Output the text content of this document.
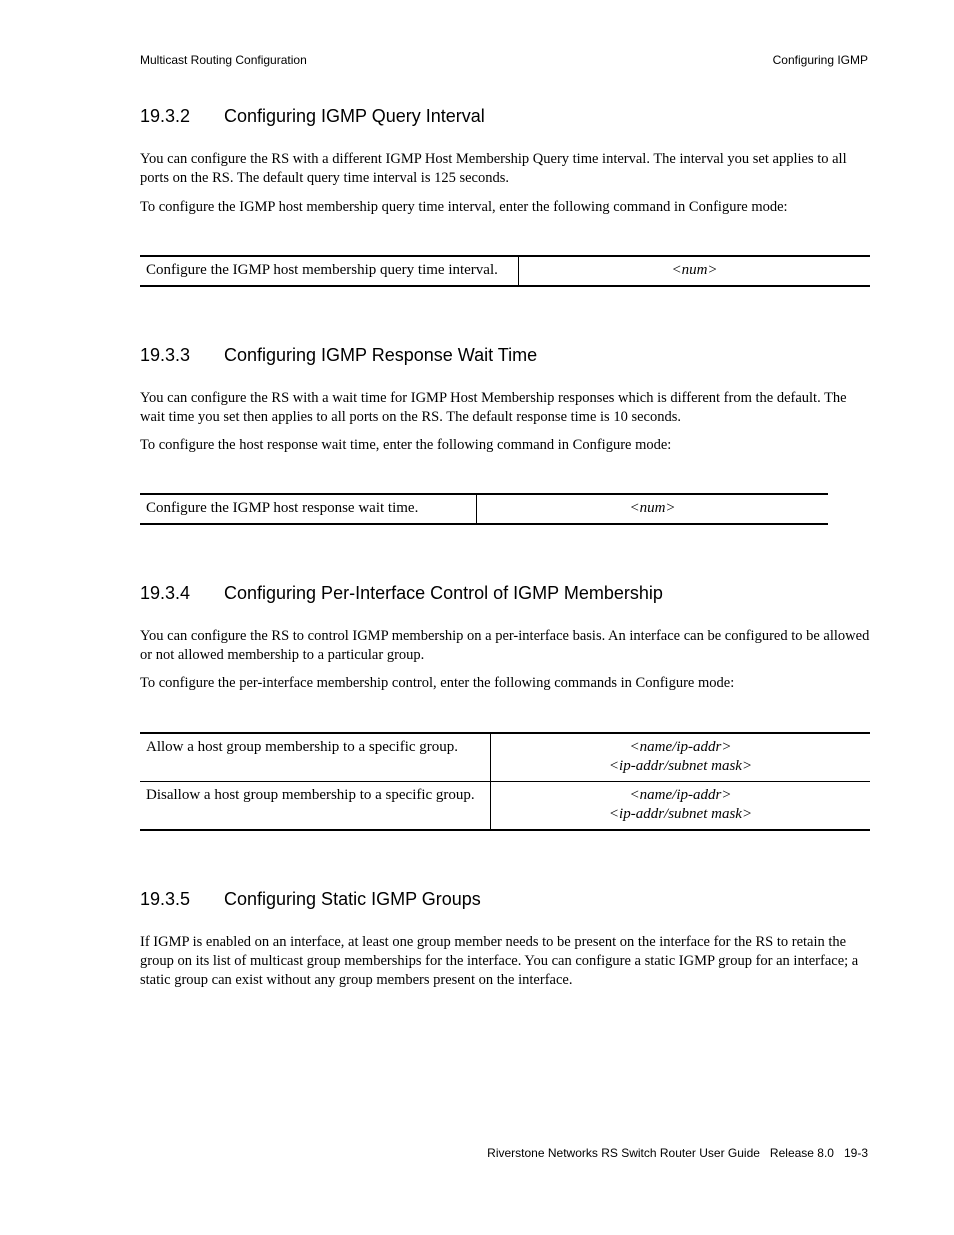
Multicast Routing Configuration	Configuring IGMP
19.3.2 Configuring IGMP Query Interval

You can configure the RS with a different IGMP Host Membership Query time interval. The interval you set applies to all ports on the RS. The default query time interval is 125 seconds.

To configure the IGMP host membership query time interval, enter the following command in Configure mode:

Configure the IGMP host membership query time interval.	<num>
19.3.3 Configuring IGMP Response Wait Time

You can configure the RS with a wait time for IGMP Host Membership responses which is different from the default. The wait time you set then applies to all ports on the RS. The default response time is 10 seconds.

To configure the host response wait time, enter the following command in Configure mode:

Configure the IGMP host response wait time.	<num>
19.3.4 Configuring Per-Interface Control of IGMP Membership

You can configure the RS to control IGMP membership on a per-interface basis. An interface can be configured to be allowed or not allowed membership to a particular group.

To configure the per-interface membership control, enter the following commands in Configure mode:

Allow a host group membership to a specific group.	<name/ip-addr>
<ip-addr/subnet mask>

Disallow a host group membership to a specific group.	<name/ip-addr>
<ip-addr/subnet mask>
19.3.5 Configuring Static IGMP Groups

If IGMP is enabled on an interface, at least one group member needs to be present on the interface for the RS to retain the group on its list of multicast group memberships for the interface. You can configure a static IGMP group for an interface; a static group can exist without any group members present on the interface.

Riverstone Networks RS Switch Router User Guide   Release 8.0   19-3
